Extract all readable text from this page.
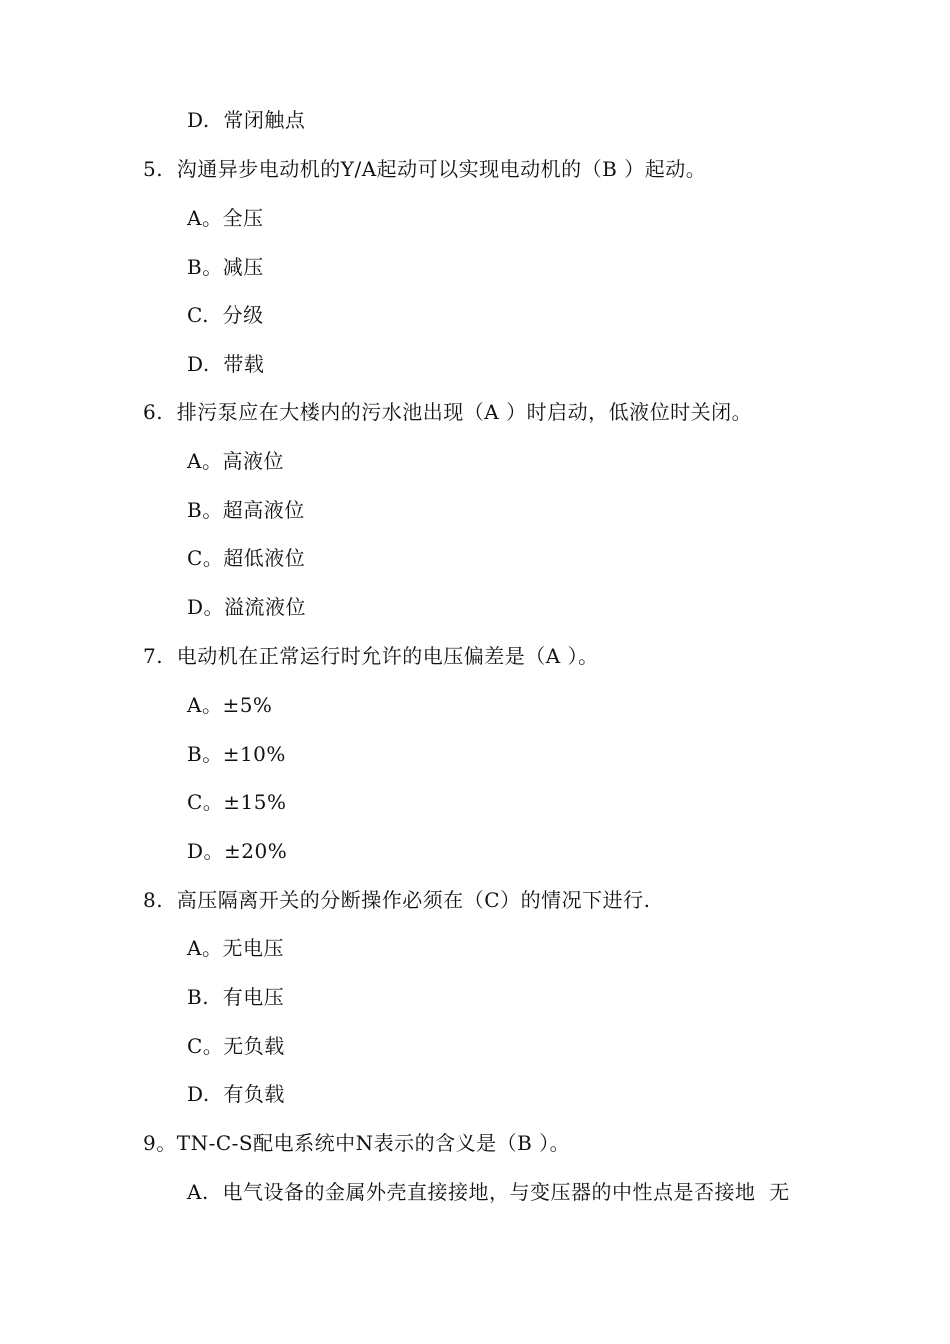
D.  常闭触点
5.  沟通异步电动机的Y/A起动可以实现电动机的（B ）起动。
A。全压
B。减压
C.  分级
D.  带载
6.  排污泵应在大楼内的污水池出现（A ）时启动，低液位时关闭。
A。高液位
B。超高液位
C。超低液位
D。溢流液位
7.  电动机在正常运行时允许的电压偏差是（A ）。
A。±5%
B。±10%
C。±15%
D。±20%
8.  高压隔离开关的分断操作必须在（C）的情况下进行.
A。无电压
B.  有电压
C。无负载
D.  有负载
9。TN-C-S配电系统中N表示的含义是（B ）。
A.  电气设备的金属外壳直接接地，与变压器的中性点是否接地  无
